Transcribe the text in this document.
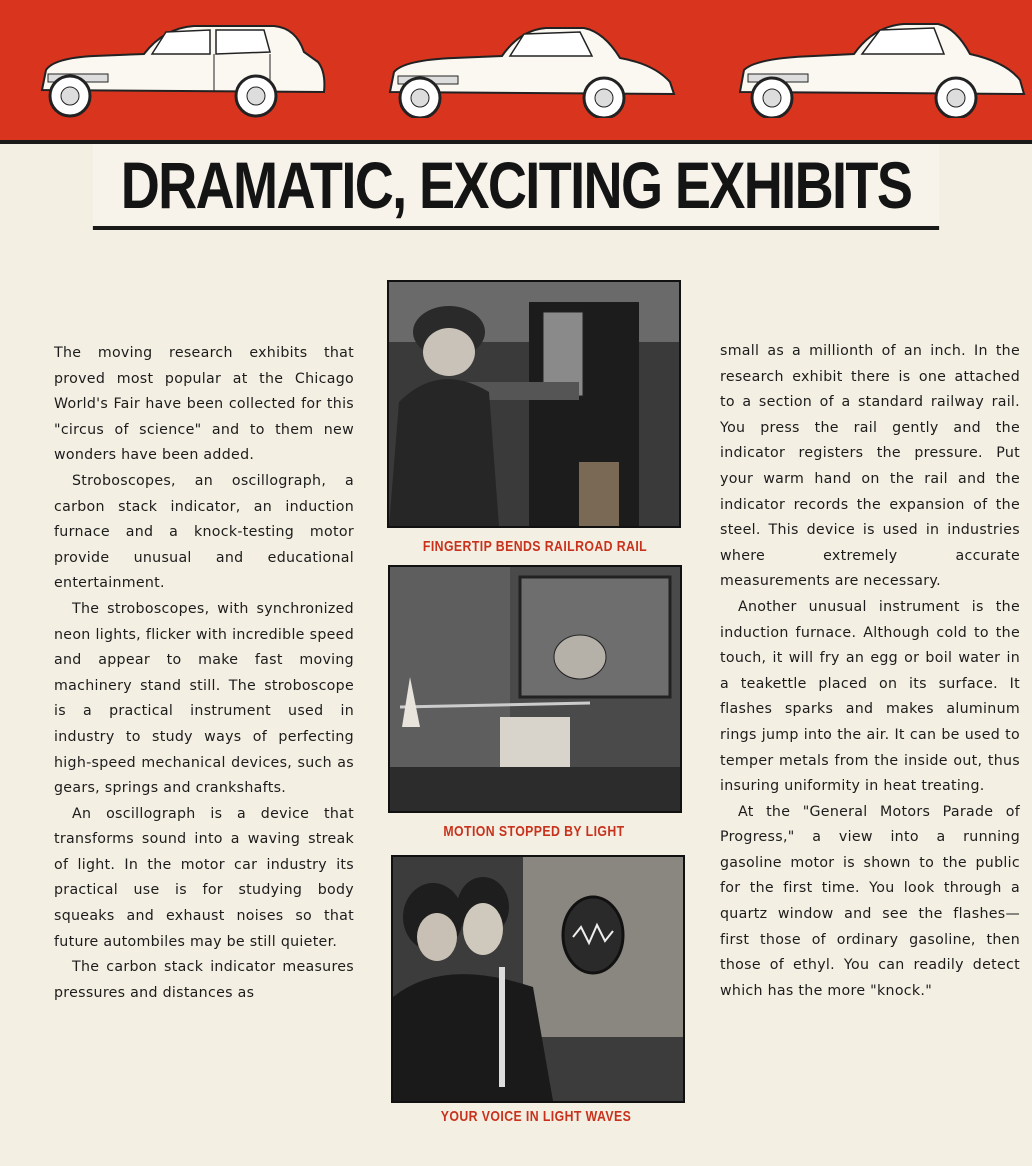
DRAMATIC, EXCITING EXHIBITS

The moving research exhibits that proved most popular at the Chicago World's Fair have been collected for this "circus of science" and to them new wonders have been added.

Stroboscopes, an oscillograph, a carbon stack indicator, an induction furnace and a knock-testing motor provide unusual and educational entertainment.

The stroboscopes, with synchronized neon lights, flicker with incredible speed and appear to make fast moving machinery stand still. The stroboscope is a practical instrument used in industry to study ways of perfecting high-speed mechanical devices, such as gears, springs and crankshafts.

An oscillograph is a device that transforms sound into a waving streak of light. In the motor car industry its practical use is for studying body squeaks and exhaust noises so that future autombiles may be still quieter.

The carbon stack indicator measures pressures and distances as

FINGERTIP BENDS RAILROAD RAIL
MOTION STOPPED BY LIGHT
YOUR VOICE IN LIGHT WAVES

small as a millionth of an inch. In the research exhibit there is one attached to a section of a standard railway rail. You press the rail gently and the indicator registers the pressure. Put your warm hand on the rail and the indicator records the expansion of the steel. This device is used in industries where extremely accurate measurements are necessary.

Another unusual instrument is the induction furnace. Although cold to the touch, it will fry an egg or boil water in a teakettle placed on its surface. It flashes sparks and makes aluminum rings jump into the air. It can be used to temper metals from the inside out, thus insuring uniformity in heat treating.

At the "General Motors Parade of Progress," a view into a running gasoline motor is shown to the public for the first time. You look through a quartz window and see the flashes—first those of ordinary gasoline, then those of ethyl. You can readily detect which has the more "knock."
